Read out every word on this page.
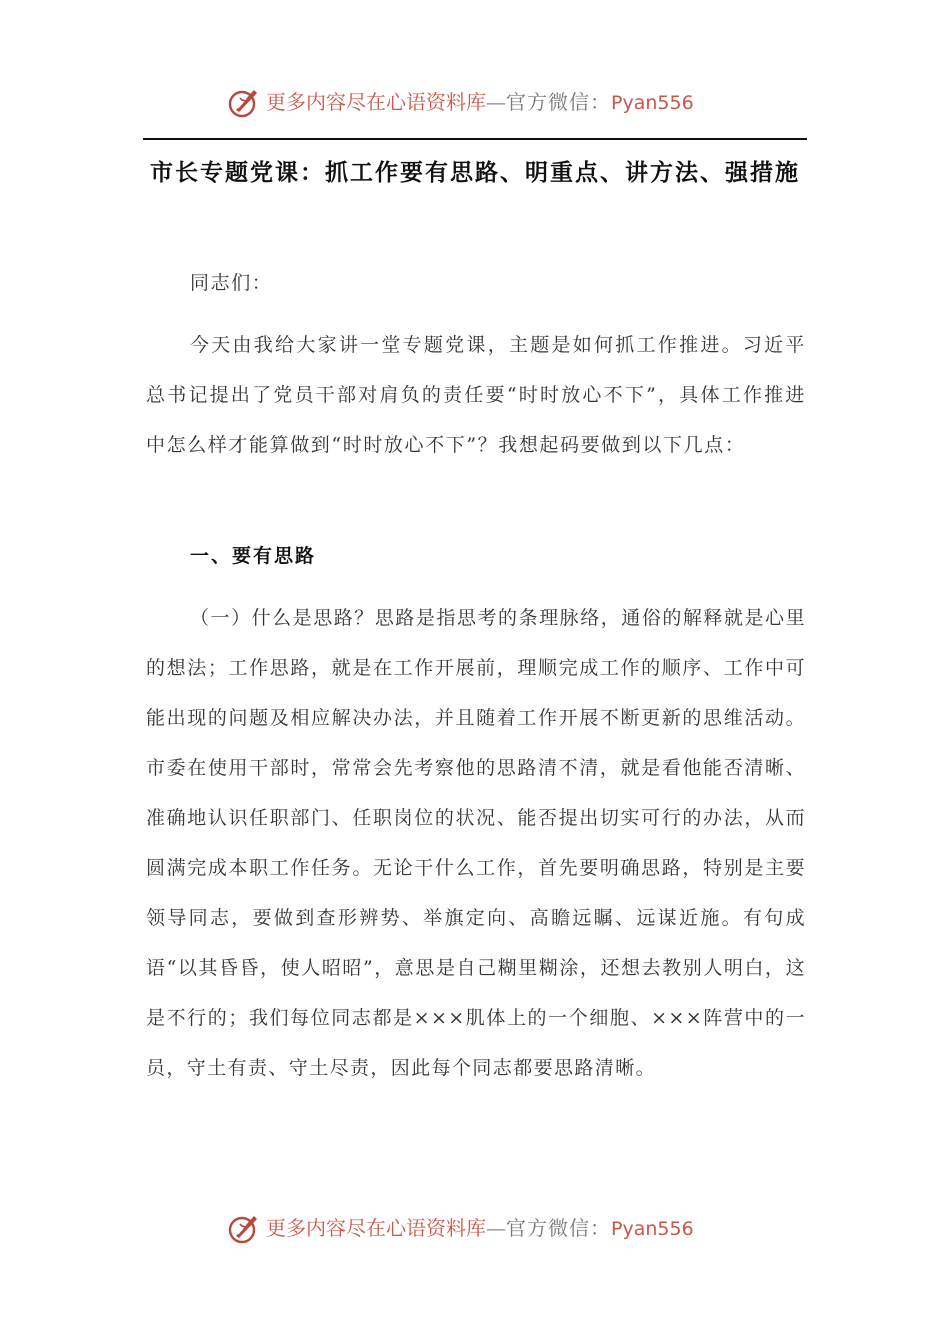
更多内容尽在心语资料库—官方微信：Pyan556
市长专题党课：抓工作要有思路、明重点、讲方法、强措施

同志们：

今天由我给大家讲一堂专题党课，主题是如何抓工作推进。习近平总书记提出了党员干部对肩负的责任要“时时放心不下”，具体工作推进中怎么样才能算做到“时时放心不下”？我想起码要做到以下几点：

一、要有思路

（一）什么是思路？思路是指思考的条理脉络，通俗的解释就是心里的想法；工作思路，就是在工作开展前，理顺完成工作的顺序、工作中可能出现的问题及相应解决办法，并且随着工作开展不断更新的思维活动。市委在使用干部时，常常会先考察他的思路清不清，就是看他能否清晰、准确地认识任职部门、任职岗位的状况、能否提出切实可行的办法，从而圆满完成本职工作任务。无论干什么工作，首先要明确思路，特别是主要领导同志，要做到查形辨势、举旗定向、高瞻远瞩、远谋近施。有句成语“以其昏昏，使人昭昭”，意思是自己糊里糊涂，还想去教别人明白，这是不行的；我们每位同志都是×××肌体上的一个细胞、×××阵营中的一员，守土有责、守土尽责，因此每个同志都要思路清晰。

更多内容尽在心语资料库—官方微信：Pyan556
